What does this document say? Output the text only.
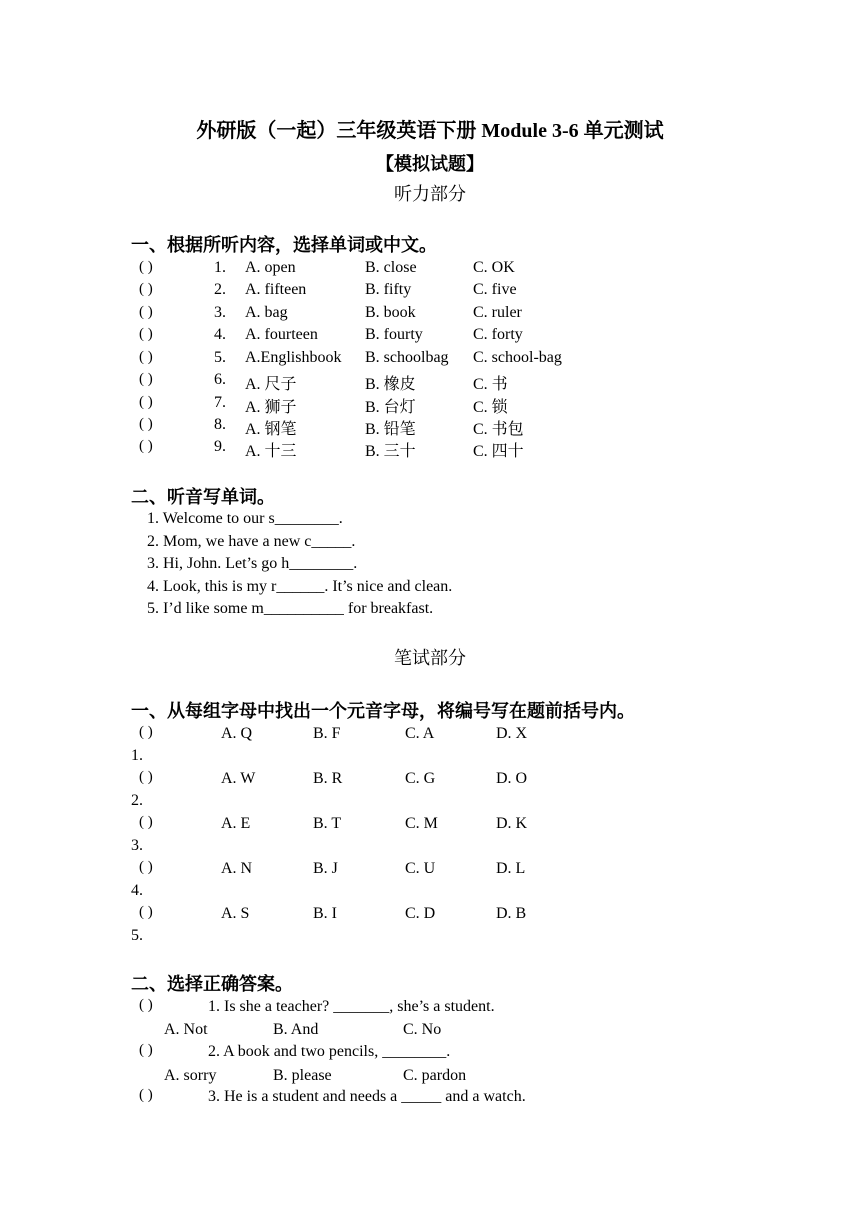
外研版（一起）三年级英语下册 Module 3-6 单元测试
【模拟试题】
听力部分
一、根据所听内容，选择单词或中文。
( )	1. A. open	B. close	C. OK
( )	2. A. fifteen	B. fifty	C. five
( )	3. A. bag	B. book	C. ruler
( )	4. A. fourteen	B. fourty	C. forty
( )	5. A.Englishbook B. schoolbag C. school-bag
( )	6. A. 尺子	B. 橡皮	C. 书
( )	7. A. 狮子	B. 台灯	C. 锁
( )	8. A. 钢笔	B. 铅笔	C. 书包
( )	9. A. 十三	B. 三十	C. 四十
二、听音写单词。
1. Welcome to our s________.
2. Mom, we have a new c_____.
3. Hi, John. Let’s go h________.
4. Look, this is my r______. It’s nice and clean.
5. I’d like some m__________ for breakfast.
笔试部分
一、从每组字母中找出一个元音字母，将编号写在题前括号内。
( )	A. Q	B. F	C. A	D. X
1.
( )	A. W	B. R	C. G	D. O
2.
( )	A. E	B. T	C. M	D. K
3.
( )	A. N	B. J	C. U	D. L
4.
( )	A. S	B. I	C. D	D. B
5.
二、选择正确答案。
( )	1. Is she a teacher? _______, she’s a student.
A. Not	B. And	C. No
( )	2. A book and two pencils, ________.
A. sorry	B. please	C. pardon
( )	3. He is a student and needs a _____ and a watch.
